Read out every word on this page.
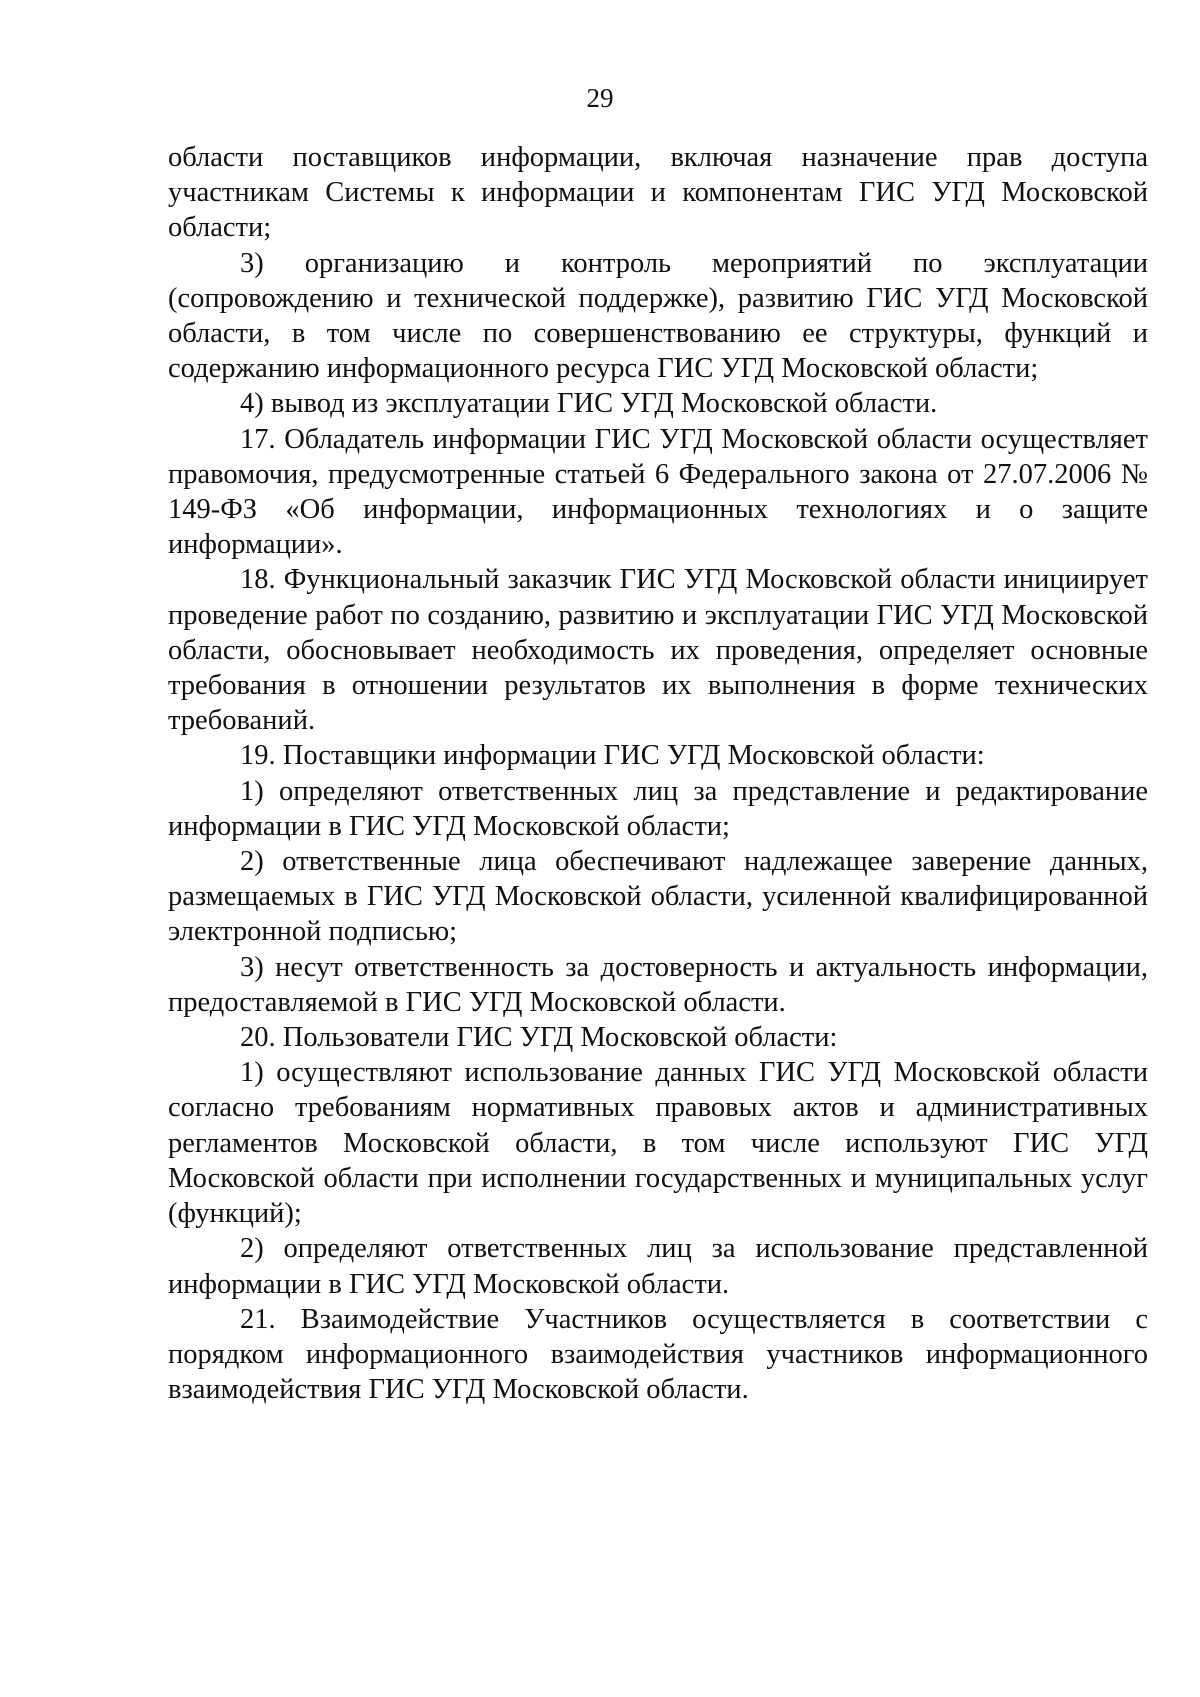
29

области поставщиков информации, включая назначение прав доступа участникам Системы к информации и компонентам ГИС УГД Московской области;

3) организацию и контроль мероприятий по эксплуатации (сопровождению и технической поддержке), развитию ГИС УГД Московской области, в том числе по совершенствованию ее структуры, функций и содержанию информационного ресурса ГИС УГД Московской области;

4) вывод из эксплуатации ГИС УГД Московской области.

17. Обладатель информации ГИС УГД Московской области осуществляет правомочия, предусмотренные статьей 6 Федерального закона от 27.07.2006 № 149-ФЗ «Об информации, информационных технологиях и о защите информации».

18. Функциональный заказчик ГИС УГД Московской области инициирует проведение работ по созданию, развитию и эксплуатации ГИС УГД Московской области, обосновывает необходимость их проведения, определяет основные требования в отношении результатов их выполнения в форме технических требований.

19. Поставщики информации ГИС УГД Московской области:

1) определяют ответственных лиц за представление и редактирование информации в ГИС УГД Московской области;

2) ответственные лица обеспечивают надлежащее заверение данных, размещаемых в ГИС УГД Московской области, усиленной квалифицированной электронной подписью;

3) несут ответственность за достоверность и актуальность информации, предоставляемой в ГИС УГД Московской области.

20. Пользователи ГИС УГД Московской области:

1) осуществляют использование данных ГИС УГД Московской области согласно требованиям нормативных правовых актов и административных регламентов Московской области, в том числе используют ГИС УГД Московской области при исполнении государственных и муниципальных услуг (функций);

2) определяют ответственных лиц за использование представленной информации в ГИС УГД Московской области.

21. Взаимодействие Участников осуществляется в соответствии с порядком информационного взаимодействия участников информационного взаимодействия ГИС УГД Московской области.
